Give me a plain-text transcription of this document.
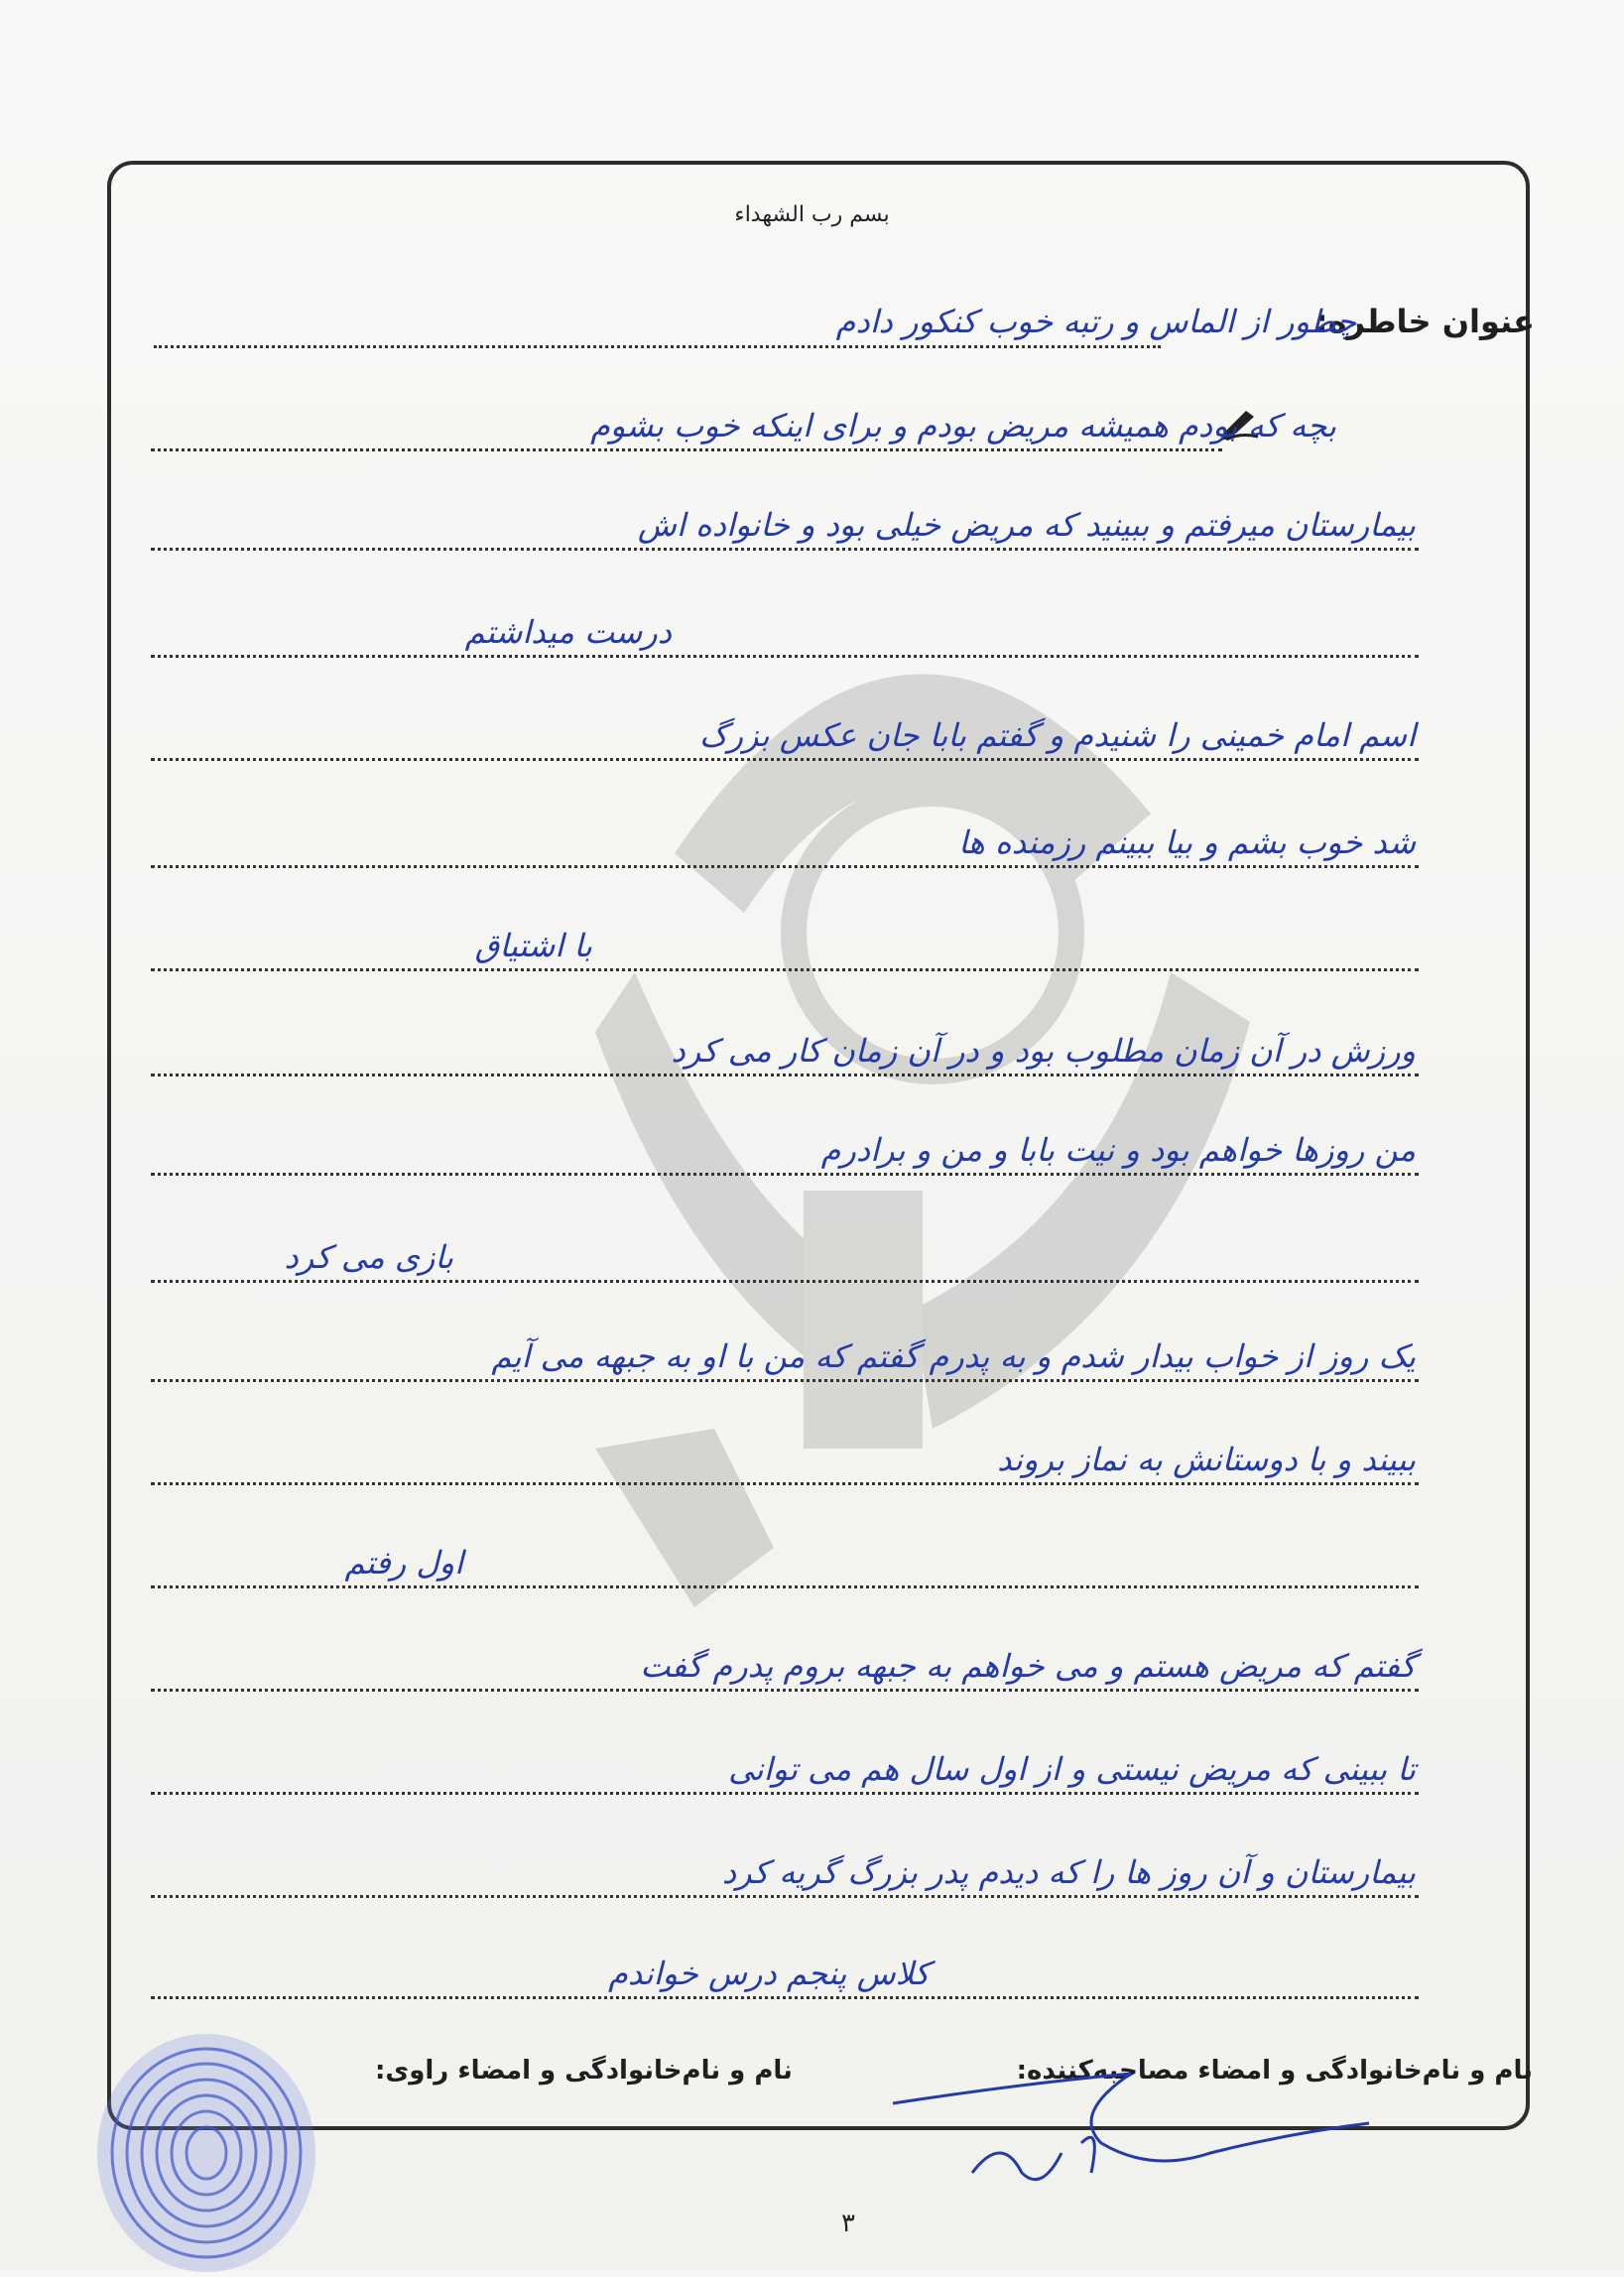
بسم رب الشهداء
عنوان خاطره:
چطور از الماس و رتبه خوب کنکور دادم
بچه که بودم همیشه مریض بودم و برای اینکه خوب بشوم
بیمارستان میرفتم و ببینید که مریض خیلی بود و خانواده اش
درست میداشتم
اسم امام خمینی را شنیدم و گفتم بابا جان عکس بزرگ
شد خوب بشم و بیا ببینم رزمنده ها
با اشتیاق
ورزش در آن زمان مطلوب بود و در آن زمان کار می کرد
من روزها خواهم بود و نیت بابا و من و برادرم
بازی می کرد
یک روز از خواب بیدار شدم و به پدرم گفتم که من با او به جبهه می آیم
ببیند و با دوستانش به نماز بروند
اول رفتم
گفتم که مریض هستم و می خواهم به جبهه بروم پدرم گفت
تا ببینی که مریض نیستی و از اول سال هم می توانی
بیمارستان و آن روز ها را که دیدم پدر بزرگ گریه کرد
کلاس پنجم درس خواندم
نام و نام‌خانوادگی و امضاء مصاحبه‌کننده:
نام و نام‌خانوادگی و امضاء راوی:
۳
